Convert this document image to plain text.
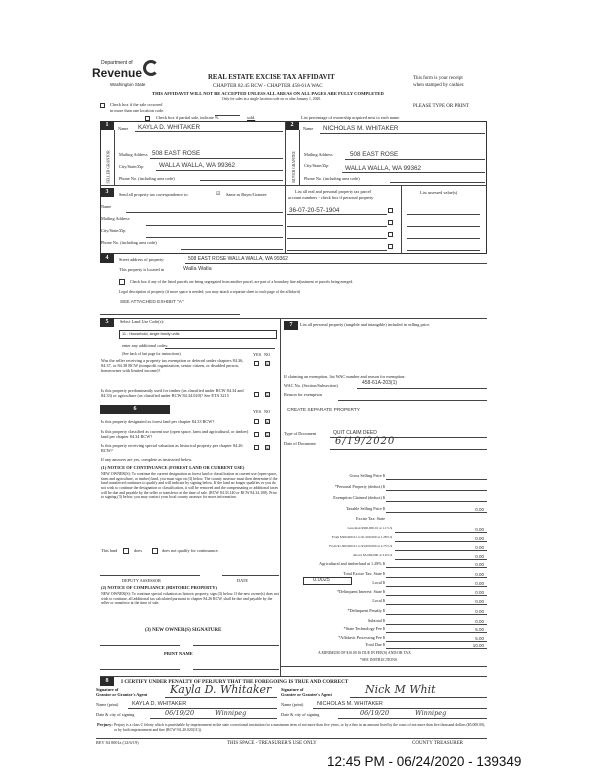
Department of
Revenue
Washington State
REAL ESTATE EXCISE TAX AFFIDAVIT
CHAPTER 82.45 RCW - CHAPTER 458-61A WAC
THIS AFFIDAVIT WILL NOT BE ACCEPTED UNLESS ALL AREAS ON ALL PAGES ARE FULLY COMPLETED
Only for sales in a single location code on or after January 1, 2020.
This form is your receipt
when stamped by cashier.
Check box if the sale occurred
in more than one location code.
PLEASE TYPE OR PRINT
Check box if partial sale, indicate %	sold.	List percentage of ownership acquired next to each name.
1	2
SELLER GRANTOR	BUYER GRANTEE
Name KAYLA D. WHITAKER
Mailing Address 508 EAST ROSE
City/State/Zip WALLA WALLA, WA 99362
Phone No. (including area code)
Name NICHOLAS M. WHITAKER
Mailing Address	508 EAST ROSE
City/State/Zip	WALLA WALLA, WA 99362
Phone No. (including area code)
3	Send all property tax correspondence to:	☑ Same as Buyer/Grantee
Name
Mailing Address
City/State/Zip
Phone No. (including area code)
List all real and personal property tax parcel
account numbers - check box if personal property
List assessed value(s)
36-07-20-57-1904
4	Street address of property:	508 EAST ROSE WALLA WALLA, WA 99362
This property is located in	Walla Walla
Check box if any of the listed parcels are being segregated from another parcel, are part of a boundary line adjustment or parcels being merged.
Legal description of property (if more space is needed, you may attach a separate sheet to each page of the affidavit)
SEE ATTACHED EXHIBIT "A"
5	Select Land Use Code(s):
11 - Household, single family units
enter any additional codes:
(See back of last page for instructions)	YES NO
Was the seller receiving a property tax exemption or deferral under chapters 84.36, 84.37, or 84.38 RCW (nonprofit organization, senior citizen, or disabled person, homeowner with limited income)?
☑
Is this property predominantly used for timber (as classified under RCW 84.34 and 84.33) or agriculture (as classified under RCW 84.34.020)? See ETA 3215	☑
6	YES NO
Is this property designated as forest land per chapter 84.33 RCW?	☑
Is this property classified as current use (open space, farm and agricultural, or timber) land per chapter 84.34 RCW?	☑
Is this property receiving special valuation as historical property per chapter 84.26 RCW?	☑
If any answers are yes, complete as instructed below.
(1) NOTICE OF CONTINUANCE (FOREST LAND OR CURRENT USE)
NEW OWNER(S): To continue the current designation as forest land or classification as current use (open space, farm and agriculture, or timber) land, you must sign on (3) below. The county assessor must then determine if the land transferred continues to qualify and will indicate by signing below. If the land no longer qualifies or you do not wish to continue the designation or classification, it will be removed and the compensating or additional taxes will be due and payable by the seller or transferor at the time of sale. (RCW 84.33.140 or RCW 84.34.108). Prior to signing (3) below, you may contact your local county assessor for more information.
This land	does	does not qualify for continuance.
DEPUTY ASSESSOR	DATE
(2) NOTICE OF COMPLIANCE (HISTORIC PROPERTY)
NEW OWNER(S): To continue special valuation as historic property, sign (3) below. If the new owner(s) does not wish to continue, all additional tax calculated pursuant to chapter 84.26 RCW, shall be due and payable by the seller or transferor at the time of sale.
(3) NEW OWNER(S) SIGNATURE
PRINT NAME
7	List all personal property (tangible and intangible) included in selling price.
If claiming an exemption, list WAC number and reason for exemption:
WAC No. (Section/Subsection)	458-61A-203(1)
Reason for exemption
CREATE SEPARATE PROPERTY
Type of Document	QUIT CLAIM DEED
Date of Document 6/19/2020
Gross Selling Price $
*Personal Property (deduct) $
Exemption Claimed (deduct) $
Taxable Selling Price $	0.00
Excise Tax: State
Less than $500,000.01 at 1.1% $	0.00
From $500,000.01 to $1,500,000 at 1.28% $	0.00
From $1,500,000.01 to $3,000,000 at 2.75% $	0.00
Above $3,000,000 at 3.0% $	0.00
Agricultural and timberland at 1.28% $	0.00
Total Excise Tax: State $	0.00
Local $	0.00
*Delinquent Interest: State $	0.00
Local $	0.00
*Delinquent Penalty $	0.00
Subtotal $	0.00
*State Technology Fee $	5.00
*Affidavit Processing Fee $	5.00
Total Due $	10.00
0.0025
A MINIMUM OF $10.00 IS DUE IN FEE(S) AND/OR TAX
*SEE INSTRUCTIONS
8	I CERTIFY UNDER PENALTY OF PERJURY THAT THE FOREGOING IS TRUE AND CORRECT
Signature of
Grantor or Grantor's Agent Kayla D. Whitaker Signature of
Grantee or Grantee's Agent	Nick M Whit
Name (print) KAYLA D. WHITAKER	Name (print) NICHOLAS M. WHITAKER
Date & city of signing	06/19/20	Winnipeg	Date & city of signing	06/19/20	Winnipeg
Perjury: Perjury is a class C felony which is punishable by imprisonment in the state correctional institution for a maximum term of not more than five years, or by a fine in an amount fixed by the court of not more than five thousand dollars ($5,000.00), or by both imprisonment and fine (RCW 9A.20.020(1C)).
REV 84 0001a (12/6/19)	THIS SPACE - TREASURER'S USE ONLY	COUNTY TREASURER
12:45 PM - 06/24/2020 - 139349
